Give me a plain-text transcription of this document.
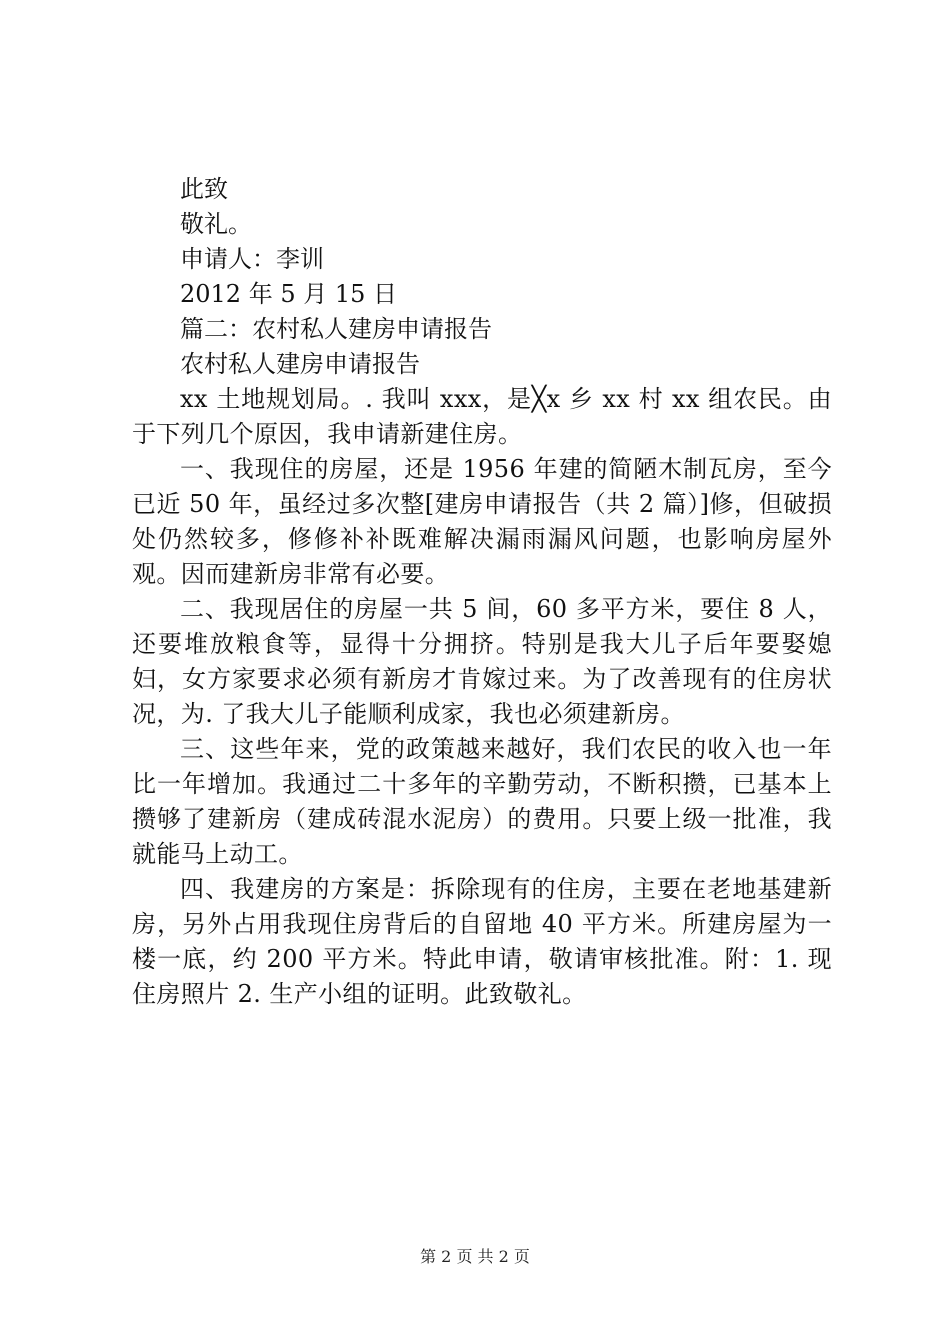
此致
敬礼。
申请人：李训
2012 年 5 月 15 日
篇二：农村私人建房申请报告
农村私人建房申请报告
xx 土地规划局。. 我叫 xxx，是╳x 乡 xx 村 xx 组农民。由于下列几个原因，我申请新建住房。
一、我现住的房屋，还是 1956 年建的简陋木制瓦房，至今已近 50 年，虽经过多次整[建房申请报告（共 2 篇）]修，但破损处仍然较多，修修补补既难解决漏雨漏风问题，也影响房屋外观。因而建新房非常有必要。
二、我现居住的房屋一共 5 间，60 多平方米，要住 8 人，还要堆放粮食等，显得十分拥挤。特别是我大儿子后年要娶媳妇，女方家要求必须有新房才肯嫁过来。为了改善现有的住房状况，为. 了我大儿子能顺利成家，我也必须建新房。
三、这些年来，党的政策越来越好，我们农民的收入也一年比一年增加。我通过二十多年的辛勤劳动，不断积攒，已基本上攒够了建新房（建成砖混水泥房）的费用。只要上级一批准，我就能马上动工。
四、我建房的方案是：拆除现有的住房，主要在老地基建新房，另外占用我现住房背后的自留地 40 平方米。所建房屋为一楼一底，约 200 平方米。特此申请，敬请审核批准。附：1. 现住房照片 2. 生产小组的证明。此致敬礼。
第 2 页 共 2 页
